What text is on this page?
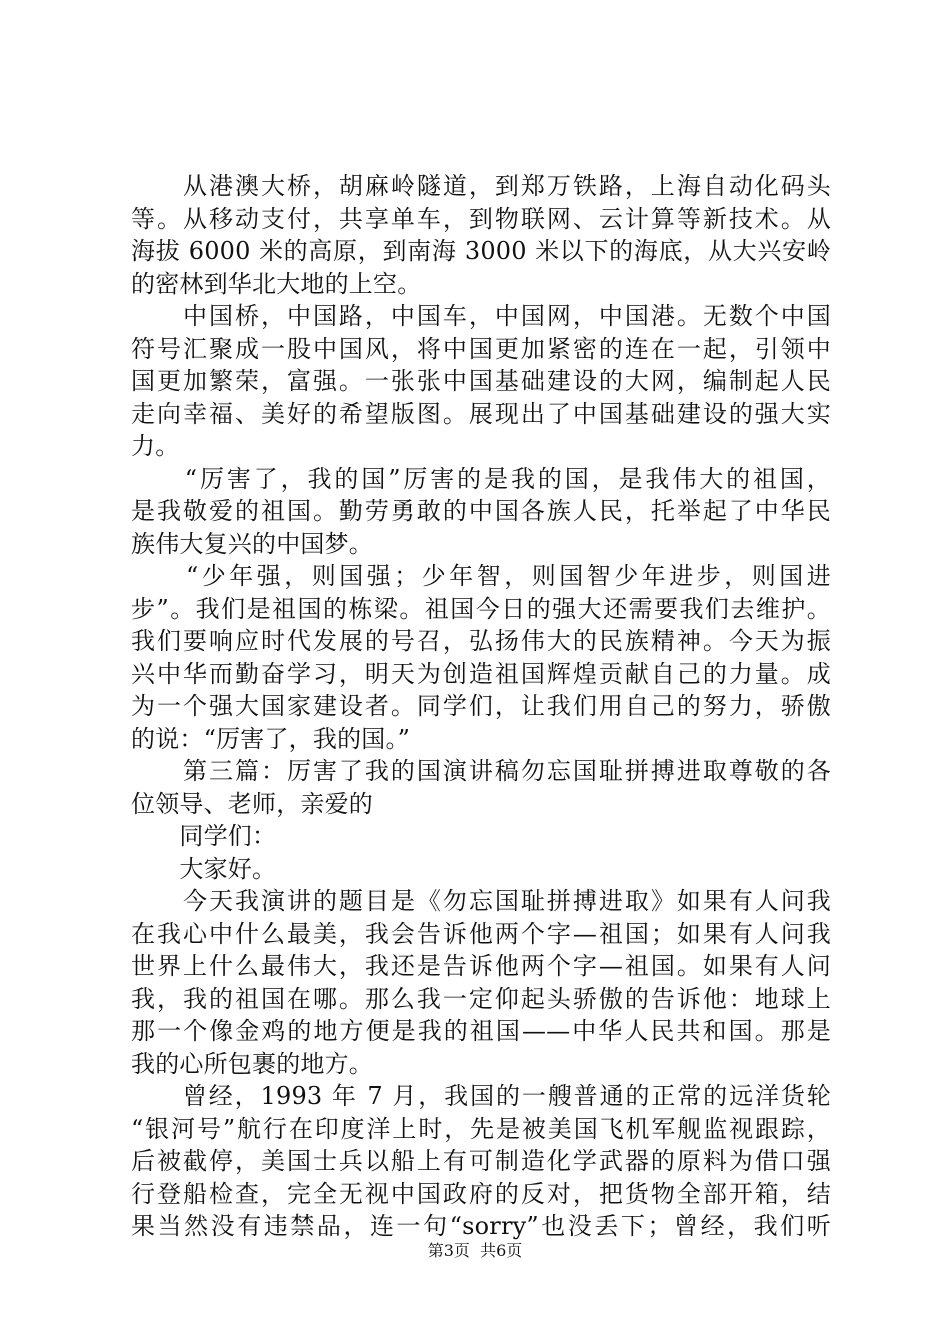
　　从港澳大桥，胡麻岭隧道，到郑万铁路，上海自动化码头
等。从移动支付，共享单车，到物联网、云计算等新技术。从
海拔 6000 米的高原，到南海 3000 米以下的海底，从大兴安岭
的密林到华北大地的上空。
　　中国桥，中国路，中国车，中国网，中国港。无数个中国
符号汇聚成一股中国风，将中国更加紧密的连在一起，引领中
国更加繁荣，富强。一张张中国基础建设的大网，编制起人民
走向幸福、美好的希望版图。展现出了中国基础建设的强大实
力。
　　“厉害了，我的国”厉害的是我的国，是我伟大的祖国，
是我敬爱的祖国。勤劳勇敢的中国各族人民，托举起了中华民
族伟大复兴的中国梦。
　　“少年强，则国强；少年智，则国智少年进步，则国进
步”。我们是祖国的栋梁。祖国今日的强大还需要我们去维护。
我们要响应时代发展的号召，弘扬伟大的民族精神。今天为振
兴中华而勤奋学习，明天为创造祖国辉煌贡献自己的力量。成
为一个强大国家建设者。同学们，让我们用自己的努力，骄傲
的说：“厉害了，我的国。”
　　第三篇：厉害了我的国演讲稿勿忘国耻拼搏进取尊敬的各
位领导、老师，亲爱的
　　同学们：
　　大家好。
　　今天我演讲的题目是《勿忘国耻拼搏进取》如果有人问我
在我心中什么最美，我会告诉他两个字—祖国；如果有人问我
世界上什么最伟大，我还是告诉他两个字—祖国。如果有人问
我，我的祖国在哪。那么我一定仰起头骄傲的告诉他：地球上
那一个像金鸡的地方便是我的祖国——中华人民共和国。那是
我的心所包裹的地方。
　　曾经，1993 年 7 月，我国的一艘普通的正常的远洋货轮
“银河号”航行在印度洋上时，先是被美国飞机军舰监视跟踪，
后被截停，美国士兵以船上有可制造化学武器的原料为借口强
行登船检查，完全无视中国政府的反对，把货物全部开箱，结
果当然没有违禁品，连一句“sorry”也没丢下；曾经，我们听
第3页 共6页
